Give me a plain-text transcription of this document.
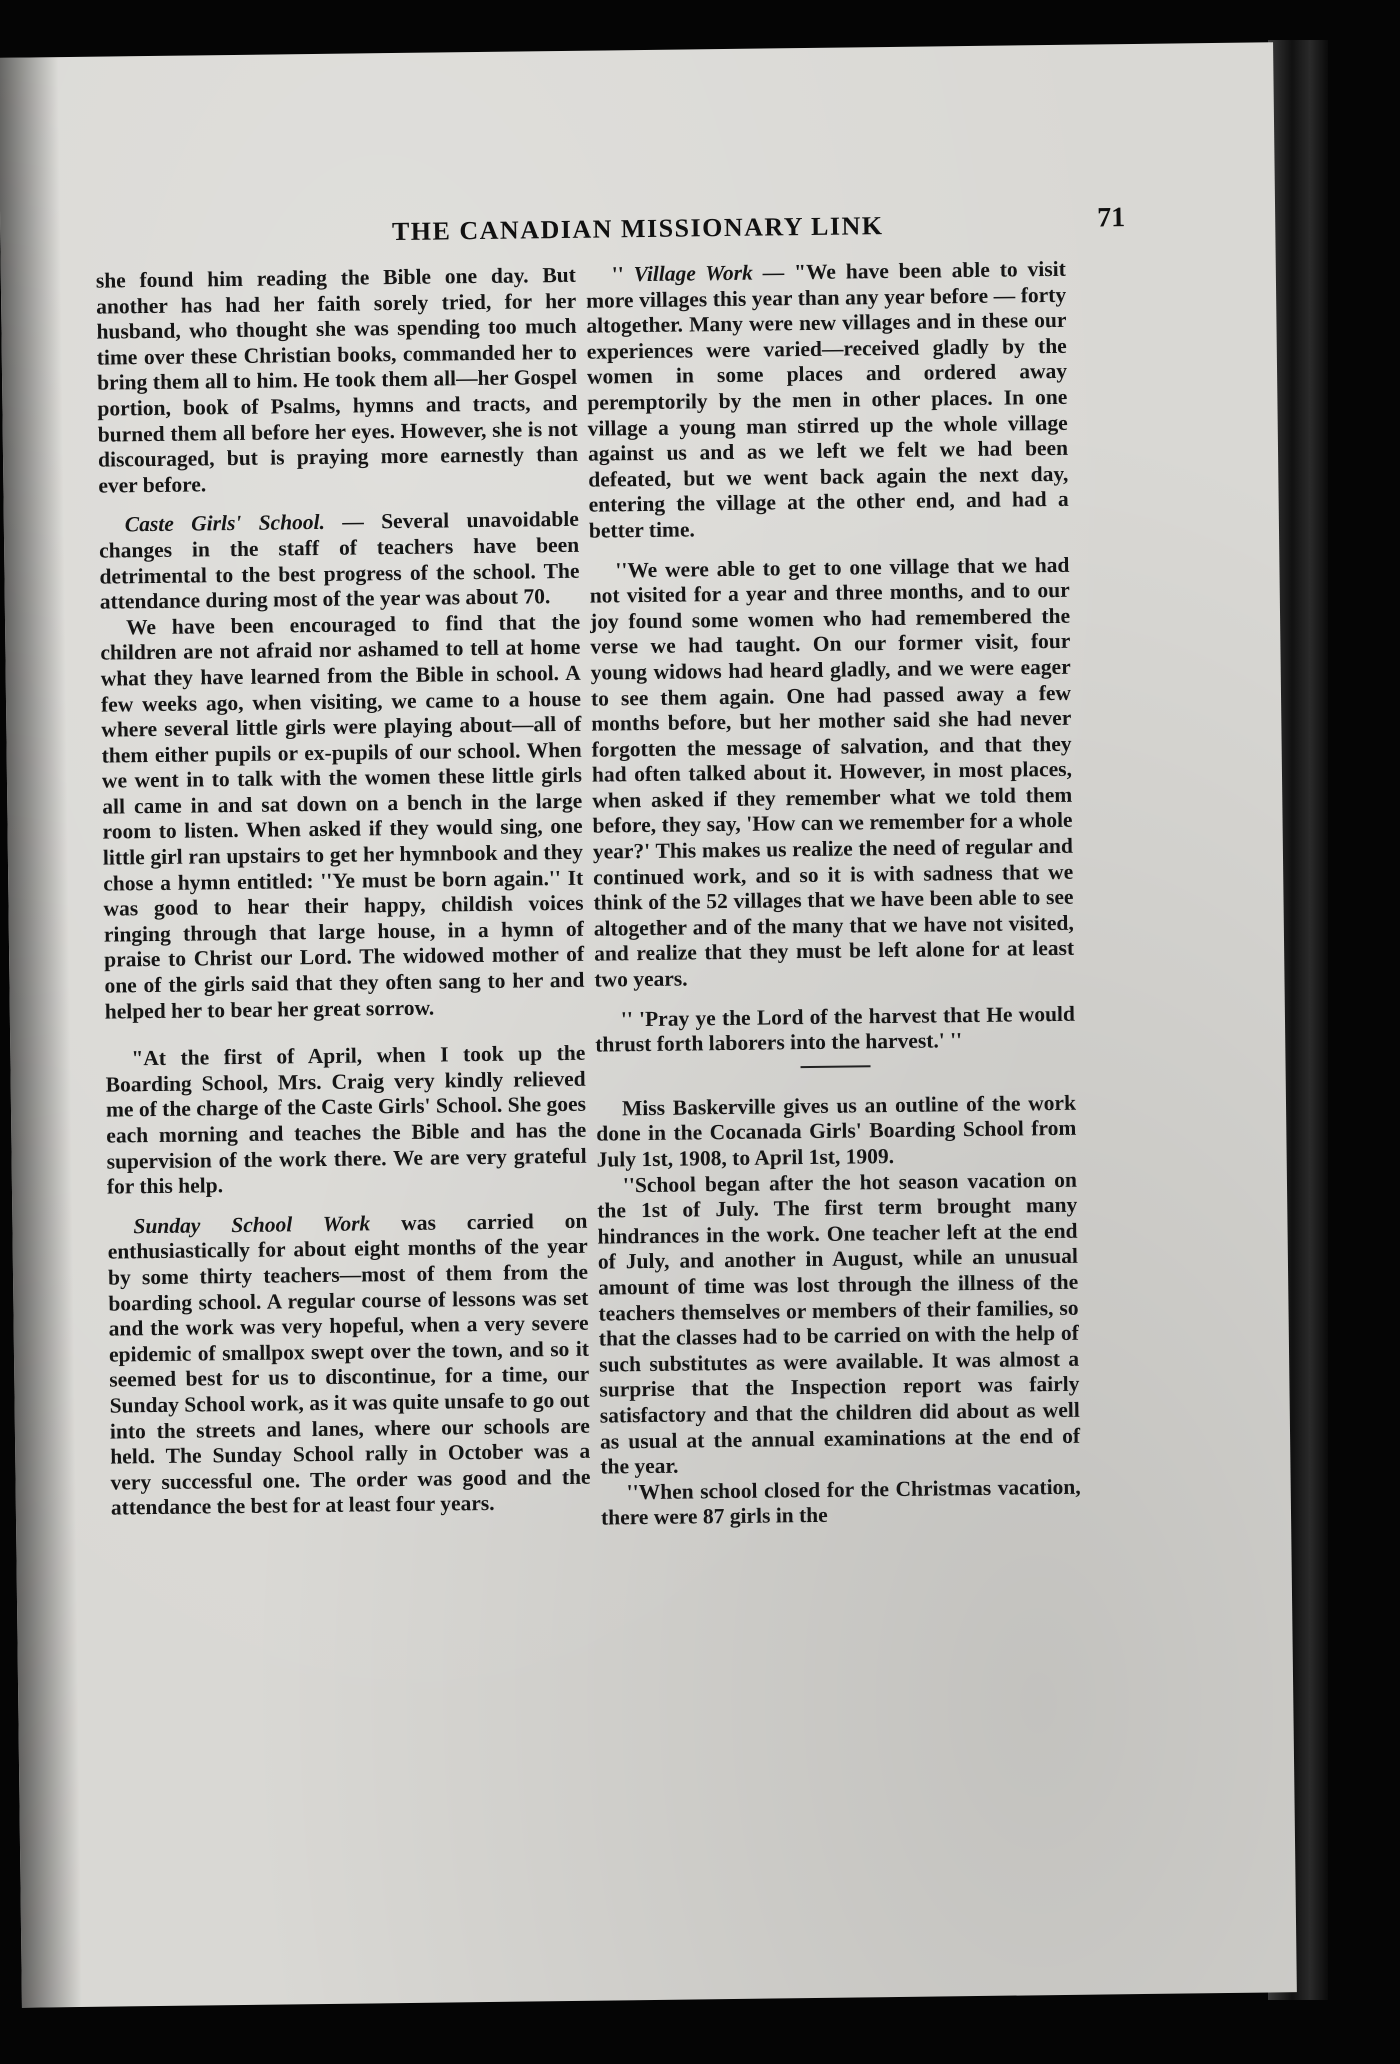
THE CANADIAN MISSIONARY LINK	71

she found him reading the Bible one day. But another has had her faith sorely tried, for her husband, who thought she was spending too much time over these Christian books, commanded her to bring them all to him. He took them all—her Gospel portion, book of Psalms, hymns and tracts, and burned them all before her eyes. However, she is not discouraged, but is praying more earnestly than ever before.

Caste Girls' School. — Several unavoidable changes in the staff of teachers have been detrimental to the best progress of the school. The attendance during most of the year was about 70.

We have been encouraged to find that the children are not afraid nor ashamed to tell at home what they have learned from the Bible in school. A few weeks ago, when visiting, we came to a house where several little girls were playing about—all of them either pupils or ex-pupils of our school. When we went in to talk with the women these little girls all came in and sat down on a bench in the large room to listen. When asked if they would sing, one little girl ran upstairs to get her hymnbook and they chose a hymn entitled: ''Ye must be born again.'' It was good to hear their happy, childish voices ringing through that large house, in a hymn of praise to Christ our Lord. The widowed mother of one of the girls said that they often sang to her and helped her to bear her great sorrow.

"At the first of April, when I took up the Boarding School, Mrs. Craig very kindly relieved me of the charge of the Caste Girls' School. She goes each morning and teaches the Bible and has the supervision of the work there. We are very grateful for this help.

Sunday School Work was carried on enthusiastically for about eight months of the year by some thirty teachers—most of them from the boarding school. A regular course of lessons was set and the work was very hopeful, when a very severe epidemic of smallpox swept over the town, and so it seemed best for us to discontinue, for a time, our Sunday School work, as it was quite unsafe to go out into the streets and lanes, where our schools are held. The Sunday School rally in October was a very successful one. The order was good and the attendance the best for at least four years.

'' Village Work — "We have been able to visit more villages this year than any year before — forty altogether. Many were new villages and in these our experiences were varied—received gladly by the women in some places and ordered away peremptorily by the men in other places. In one village a young man stirred up the whole village against us and as we left we felt we had been defeated, but we went back again the next day, entering the village at the other end, and had a better time.

''We were able to get to one village that we had not visited for a year and three months, and to our joy found some women who had remembered the verse we had taught. On our former visit, four young widows had heard gladly, and we were eager to see them again. One had passed away a few months before, but her mother said she had never forgotten the message of salvation, and that they had often talked about it. However, in most places, when asked if they remember what we told them before, they say, 'How can we remember for a whole year?' This makes us realize the need of regular and continued work, and so it is with sadness that we think of the 52 villages that we have been able to see altogether and of the many that we have not visited, and realize that they must be left alone for at least two years.

'' 'Pray ye the Lord of the harvest that He would thrust forth laborers into the harvest.' ''

Miss Baskerville gives us an outline of the work done in the Cocanada Girls' Boarding School from July 1st, 1908, to April 1st, 1909.

''School began after the hot season vacation on the 1st of July. The first term brought many hindrances in the work. One teacher left at the end of July, and another in August, while an unusual amount of time was lost through the illness of the teachers themselves or members of their families, so that the classes had to be carried on with the help of such substitutes as were available. It was almost a surprise that the Inspection report was fairly satisfactory and that the children did about as well as usual at the annual examinations at the end of the year.

''When school closed for the Christmas vacation, there were 87 girls in the
